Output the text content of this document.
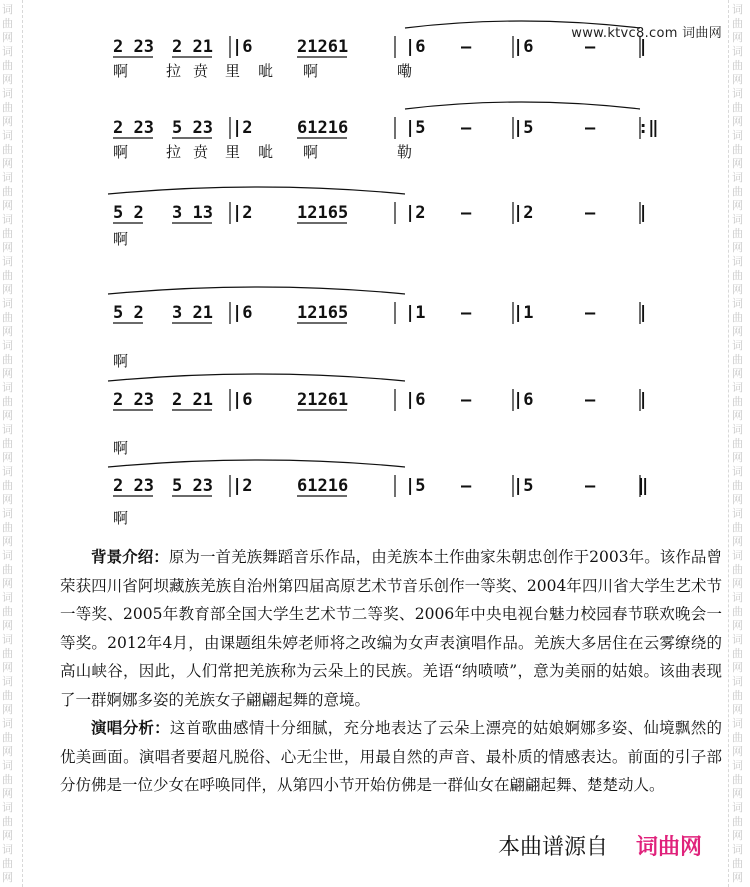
词
曲
网
词
曲
网
词
曲
网
词
曲
网
词
曲
网
词
曲
网
词
曲
网
词
曲
网
词
曲
网
词
曲
网
词
曲
网
词
曲
网
词
曲
网
词
曲
网
词
曲
网
词
曲
网
词
曲
网
词
曲
网
词
曲
网
词
曲
网
词
曲
网
词
曲
网
词
曲
网
词
曲
网
词
曲
网
词
曲
网
词
曲
网
词
曲
网
词
曲
网
词
曲
网
词
曲
网
词
曲
网
词
曲
网
词
曲
网
词
曲
网
词
曲
网
词
曲
网
词
曲
网
词
曲
网
词
曲
网
词
曲
网
词
曲
网
www.ktvc8.com 词曲网
2 23 2 21 |6	21261	|6 – |6	–	|
啊	拉 贲 里 呲 啊	嘞
2 23 5 23 |2	61216	|5 – |5	–	:‖
啊	拉 贲 里 呲 啊	勒
5 2 3 13 |2	12165	|2 – |2	–	|
啊
5 2 3 21 |6	12165	|1 – |1	–	|
啊
2 23 2 21 |6	21261	|6 – |6	–	|
啊
2 23 5 23 |2	61216	|5 – |5	–	‖
啊

背景介绍：原为一首羌族舞蹈音乐作品，由羌族本土作曲家朱朝忠创作于2003年。该作品曾荣获四川省阿坝藏族羌族自治州第四届高原艺术节音乐创作一等奖、2004年四川省大学生艺术节一等奖、2005年教育部全国大学生艺术节二等奖、2006年中央电视台魅力校园春节联欢晚会一等奖。2012年4月，由课题组朱婷老师将之改编为女声表演唱作品。羌族大多居住在云雾缭绕的高山峡谷，因此，人们常把羌族称为云朵上的民族。羌语“纳喷喷”，意为美丽的姑娘。该曲表现了一群婀娜多姿的羌族女子翩翩起舞的意境。

演唱分析：这首歌曲感情十分细腻，充分地表达了云朵上漂亮的姑娘婀娜多姿、仙境飘然的优美画面。演唱者要超凡脱俗、心无尘世，用最自然的声音、最朴质的情感表达。前面的引子部分仿佛是一位少女在呼唤同伴，从第四小节开始仿佛是一群仙女在翩翩起舞、楚楚动人。

本曲谱源自 词曲网
